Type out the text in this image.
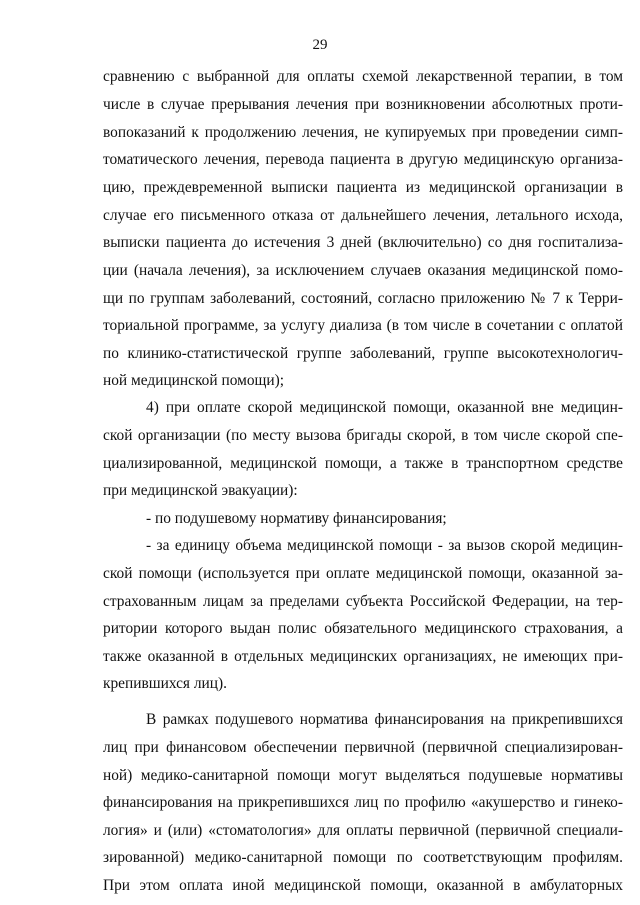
29
сравнению с выбранной для оплаты схемой лекарственной терапии, в том
числе в случае прерывания лечения при возникновении абсолютных проти-
вопоказаний к продолжению лечения, не купируемых при проведении симп-
томатического лечения, перевода пациента в другую медицинскую организа-
цию, преждевременной выписки пациента из медицинской организации в
случае его письменного отказа от дальнейшего лечения, летального исхода,
выписки пациента до истечения 3 дней (включительно) со дня госпитализа-
ции (начала лечения), за исключением случаев оказания медицинской помо-
щи по группам заболеваний, состояний, согласно приложению № 7 к Терри-
ториальной программе, за услугу диализа (в том числе в сочетании с оплатой
по клинико-статистической группе заболеваний, группе высокотехнологич-
ной медицинской помощи);
4) при оплате скорой медицинской помощи, оказанной вне медицин-
ской организации (по месту вызова бригады скорой, в том числе скорой спе-
циализированной, медицинской помощи, а также в транспортном средстве
при медицинской эвакуации):
- по подушевому нормативу финансирования;
- за единицу объема медицинской помощи - за вызов скорой медицин-
ской помощи (используется при оплате медицинской помощи, оказанной за-
страхованным лицам за пределами субъекта Российской Федерации, на тер-
ритории которого выдан полис обязательного медицинского страхования, а
также оказанной в отдельных медицинских организациях, не имеющих при-
крепившихся лиц).
В рамках подушевого норматива финансирования на прикрепившихся
лиц при финансовом обеспечении первичной (первичной специализирован-
ной) медико-санитарной помощи могут выделяться подушевые нормативы
финансирования на прикрепившихся лиц по профилю «акушерство и гинеко-
логия» и (или) «стоматология» для оплаты первичной (первичной специали-
зированной) медико-санитарной помощи по соответствующим профилям.
При этом оплата иной медицинской помощи, оказанной в амбулаторных
